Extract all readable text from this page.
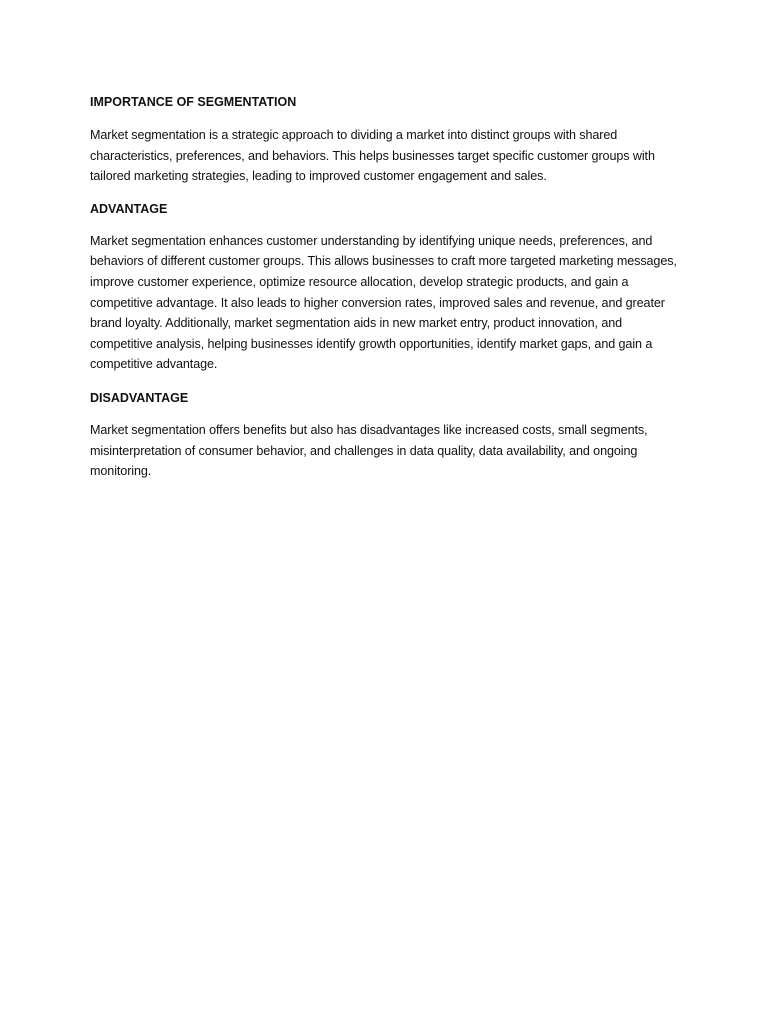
IMPORTANCE OF SEGMENTATION

Market segmentation is a strategic approach to dividing a market into distinct groups with shared characteristics, preferences, and behaviors. This helps businesses target specific customer groups with tailored marketing strategies, leading to improved customer engagement and sales.

ADVANTAGE

Market segmentation enhances customer understanding by identifying unique needs, preferences, and behaviors of different customer groups. This allows businesses to craft more targeted marketing messages, improve customer experience, optimize resource allocation, develop strategic products, and gain a competitive advantage. It also leads to higher conversion rates, improved sales and revenue, and greater brand loyalty. Additionally, market segmentation aids in new market entry, product innovation, and competitive analysis, helping businesses identify growth opportunities, identify market gaps, and gain a competitive advantage.

DISADVANTAGE

Market segmentation offers benefits but also has disadvantages like increased costs, small segments, misinterpretation of consumer behavior, and challenges in data quality, data availability, and ongoing monitoring.
